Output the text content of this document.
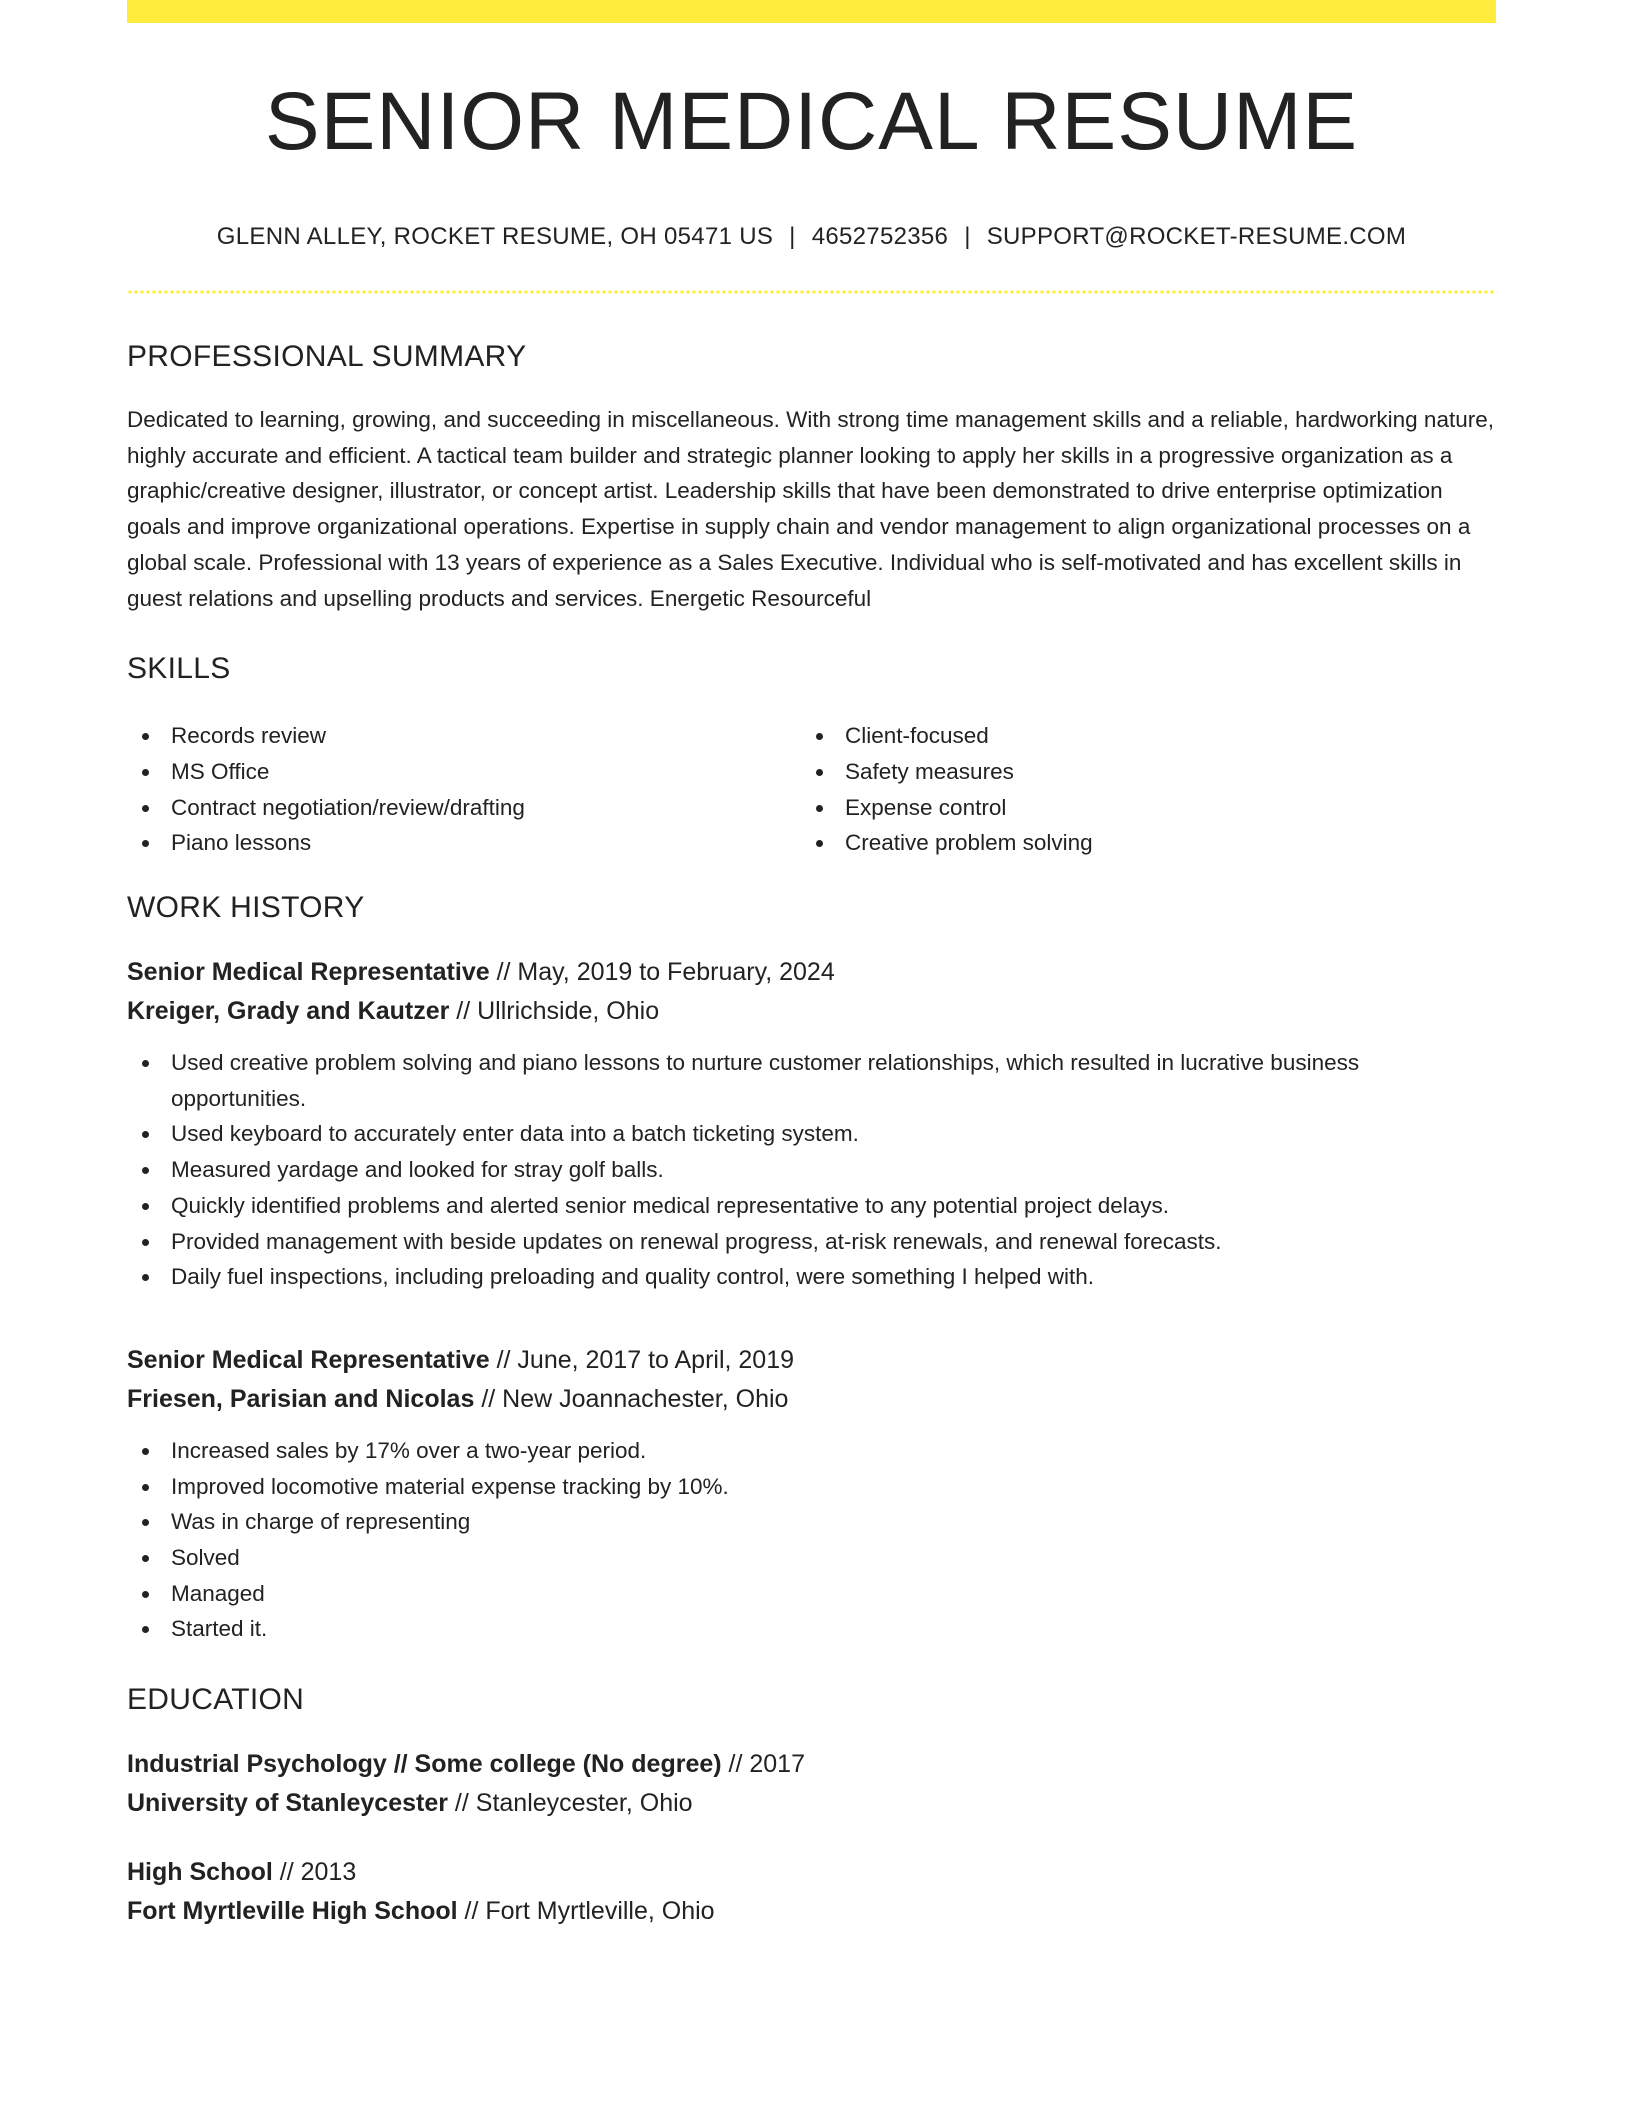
SENIOR MEDICAL RESUME
GLENN ALLEY, ROCKET RESUME, OH 05471 US | 4652752356 | SUPPORT@ROCKET-RESUME.COM
PROFESSIONAL SUMMARY

Dedicated to learning, growing, and succeeding in miscellaneous. With strong time management skills and a reliable, hardworking nature, highly accurate and efficient. A tactical team builder and strategic planner looking to apply her skills in a progressive organization as a graphic/creative designer, illustrator, or concept artist. Leadership skills that have been demonstrated to drive enterprise optimization goals and improve organizational operations. Expertise in supply chain and vendor management to align organizational processes on a global scale. Professional with 13 years of experience as a Sales Executive. Individual who is self-motivated and has excellent skills in guest relations and upselling products and services. Energetic Resourceful

SKILLS
Records review
MS Office
Contract negotiation/review/drafting
Piano lessons
Client-focused
Safety measures
Expense control
Creative problem solving
WORK HISTORY
Senior Medical Representative // May, 2019 to February, 2024
Kreiger, Grady and Kautzer // Ullrichside, Ohio
Used creative problem solving and piano lessons to nurture customer relationships, which resulted in lucrative business opportunities.
Used keyboard to accurately enter data into a batch ticketing system.
Measured yardage and looked for stray golf balls.
Quickly identified problems and alerted senior medical representative to any potential project delays.
Provided management with beside updates on renewal progress, at-risk renewals, and renewal forecasts.
Daily fuel inspections, including preloading and quality control, were something I helped with.
Senior Medical Representative // June, 2017 to April, 2019
Friesen, Parisian and Nicolas // New Joannachester, Ohio
Increased sales by 17% over a two-year period.
Improved locomotive material expense tracking by 10%.
Was in charge of representing
Solved
Managed
Started it.
EDUCATION
Industrial Psychology // Some college (No degree) // 2017
University of Stanleycester // Stanleycester, Ohio
High School // 2013
Fort Myrtleville High School // Fort Myrtleville, Ohio
